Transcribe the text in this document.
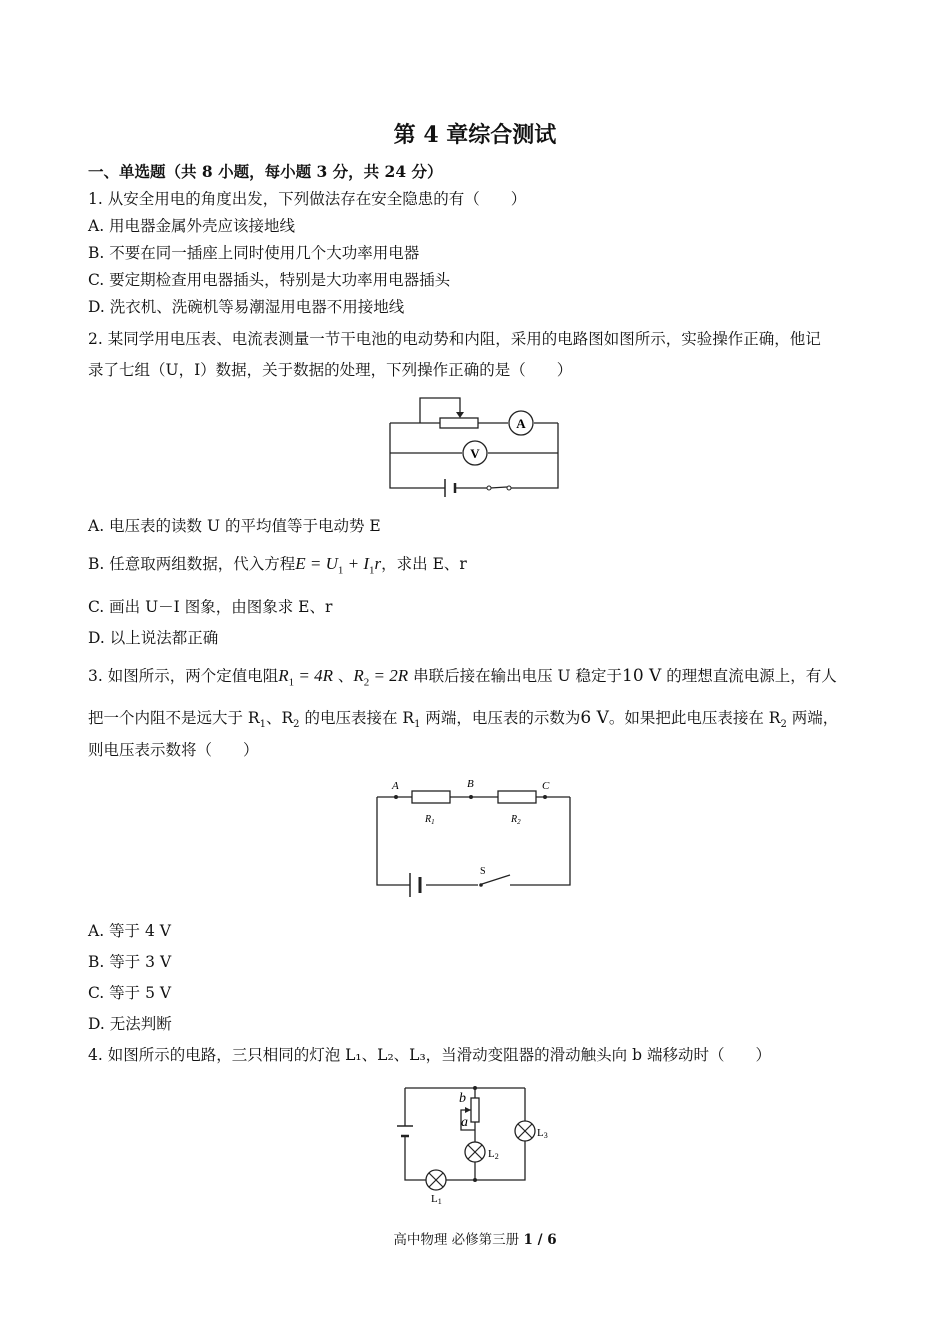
第 4 章综合测试
一、单选题（共 8 小题，每小题 3 分，共 24 分）
1. 从安全用电的角度出发，下列做法存在安全隐患的有（　　）
A. 用电器金属外壳应该接地线
B. 不要在同一插座上同时使用几个大功率用电器
C. 要定期检查用电器插头，特别是大功率用电器插头
D. 洗衣机、洗碗机等易潮湿用电器不用接地线
2. 某同学用电压表、电流表测量一节干电池的电动势和内阻，采用的电路图如图所示，实验操作正确，他记
录了七组（U，I）数据，关于数据的处理，下列操作正确的是（　　）
A
V
A. 电压表的读数 U 的平均值等于电动势 E
B. 任意取两组数据，代入方程$E = U_1 + I_1r$，求出 E、r
C. 画出 U－I 图象，由图象求 E、r
D. 以上说法都正确
3. 如图所示，两个定值电阻$R_1 = 4R$ 、$R_2 = 2R$ 串联后接在输出电压 U 稳定于10 V 的理想直流电源上，有人
把一个内阻不是远大于 $R_1$、$R_2$ 的电压表接在 $R_1$ 两端，电压表的示数为6 V。如果把此电压表接在 $R_2$ 两端，
则电压表示数将（　　）
A	B	C
$R_1$	$R_2$
S
A. 等于 4 V
B. 等于 3 V
C. 等于 5 V
D. 无法判断
4. 如图所示的电路，三只相同的灯泡 L₁、L₂、L₃，当滑动变阻器的滑动触头向 b 端移动时（　　）
b
a
L1
L2
L3
高中物理 必修第三册 1 / 6
